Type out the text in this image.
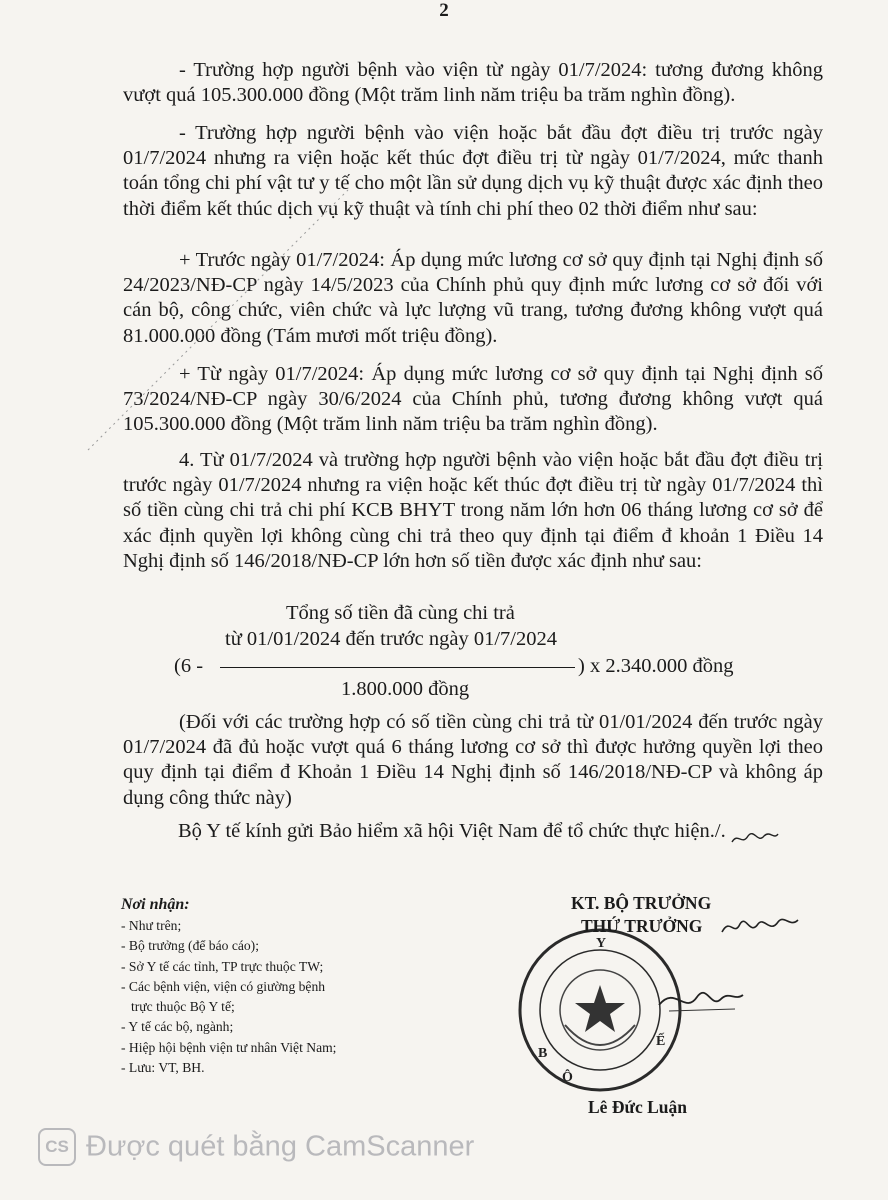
2

- Trường hợp người bệnh vào viện từ ngày 01/7/2024: tương đương không vượt quá 105.300.000 đồng (Một trăm linh năm triệu ba trăm nghìn đồng).

- Trường hợp người bệnh vào viện hoặc bắt đầu đợt điều trị trước ngày 01/7/2024 nhưng ra viện hoặc kết thúc đợt điều trị từ ngày 01/7/2024, mức thanh toán tổng chi phí vật tư y tế cho một lần sử dụng dịch vụ kỹ thuật được xác định theo thời điểm kết thúc dịch vụ kỹ thuật và tính chi phí theo 02 thời điểm như sau:

+ Trước ngày 01/7/2024: Áp dụng mức lương cơ sở quy định tại Nghị định số 24/2023/NĐ-CP ngày 14/5/2023 của Chính phủ quy định mức lương cơ sở đối với cán bộ, công chức, viên chức và lực lượng vũ trang, tương đương không vượt quá 81.000.000 đồng (Tám mươi mốt triệu đồng).

+ Từ ngày 01/7/2024: Áp dụng mức lương cơ sở quy định tại Nghị định số 73/2024/NĐ-CP ngày 30/6/2024 của Chính phủ, tương đương không vượt quá 105.300.000 đồng (Một trăm linh năm triệu ba trăm nghìn đồng).

4. Từ 01/7/2024 và trường hợp người bệnh vào viện hoặc bắt đầu đợt điều trị trước ngày 01/7/2024 nhưng ra viện hoặc kết thúc đợt điều trị từ ngày 01/7/2024 thì số tiền cùng chi trả chi phí KCB BHYT trong năm lớn hơn 06 tháng lương cơ sở để xác định quyền lợi không cùng chi trả theo quy định tại điểm đ khoản 1 Điều 14 Nghị định số 146/2018/NĐ-CP lớn hơn số tiền được xác định như sau:

Tổng số tiền đã cùng chi trả
từ 01/01/2024 đến trước ngày 01/7/2024
(6 -	) x 2.340.000 đồng
1.800.000 đồng

(Đối với các trường hợp có số tiền cùng chi trả từ 01/01/2024 đến trước ngày 01/7/2024 đã đủ hoặc vượt quá 6 tháng lương cơ sở thì được hưởng quyền lợi theo quy định tại điểm đ Khoản 1 Điều 14 Nghị định số 146/2018/NĐ-CP và không áp dụng công thức này)

Bộ Y tế kính gửi Bảo hiểm xã hội Việt Nam để tổ chức thực hiện./.
Nơi nhận:
- Như trên;
- Bộ trưởng (để báo cáo);
- Sở Y tế các tỉnh, TP trực thuộc TW;
- Các bệnh viện, viện có giường bệnh
trực thuộc Bộ Y tế;
- Y tế các bộ, ngành;
- Hiệp hội bệnh viện tư nhân Việt Nam;
- Lưu: VT, BH.
Y
B
Ộ
Ế
KT. BỘ TRƯỞNG
THỨ TRƯỞNG
Lê Đức Luận
CS Được quét bằng CamScanner
